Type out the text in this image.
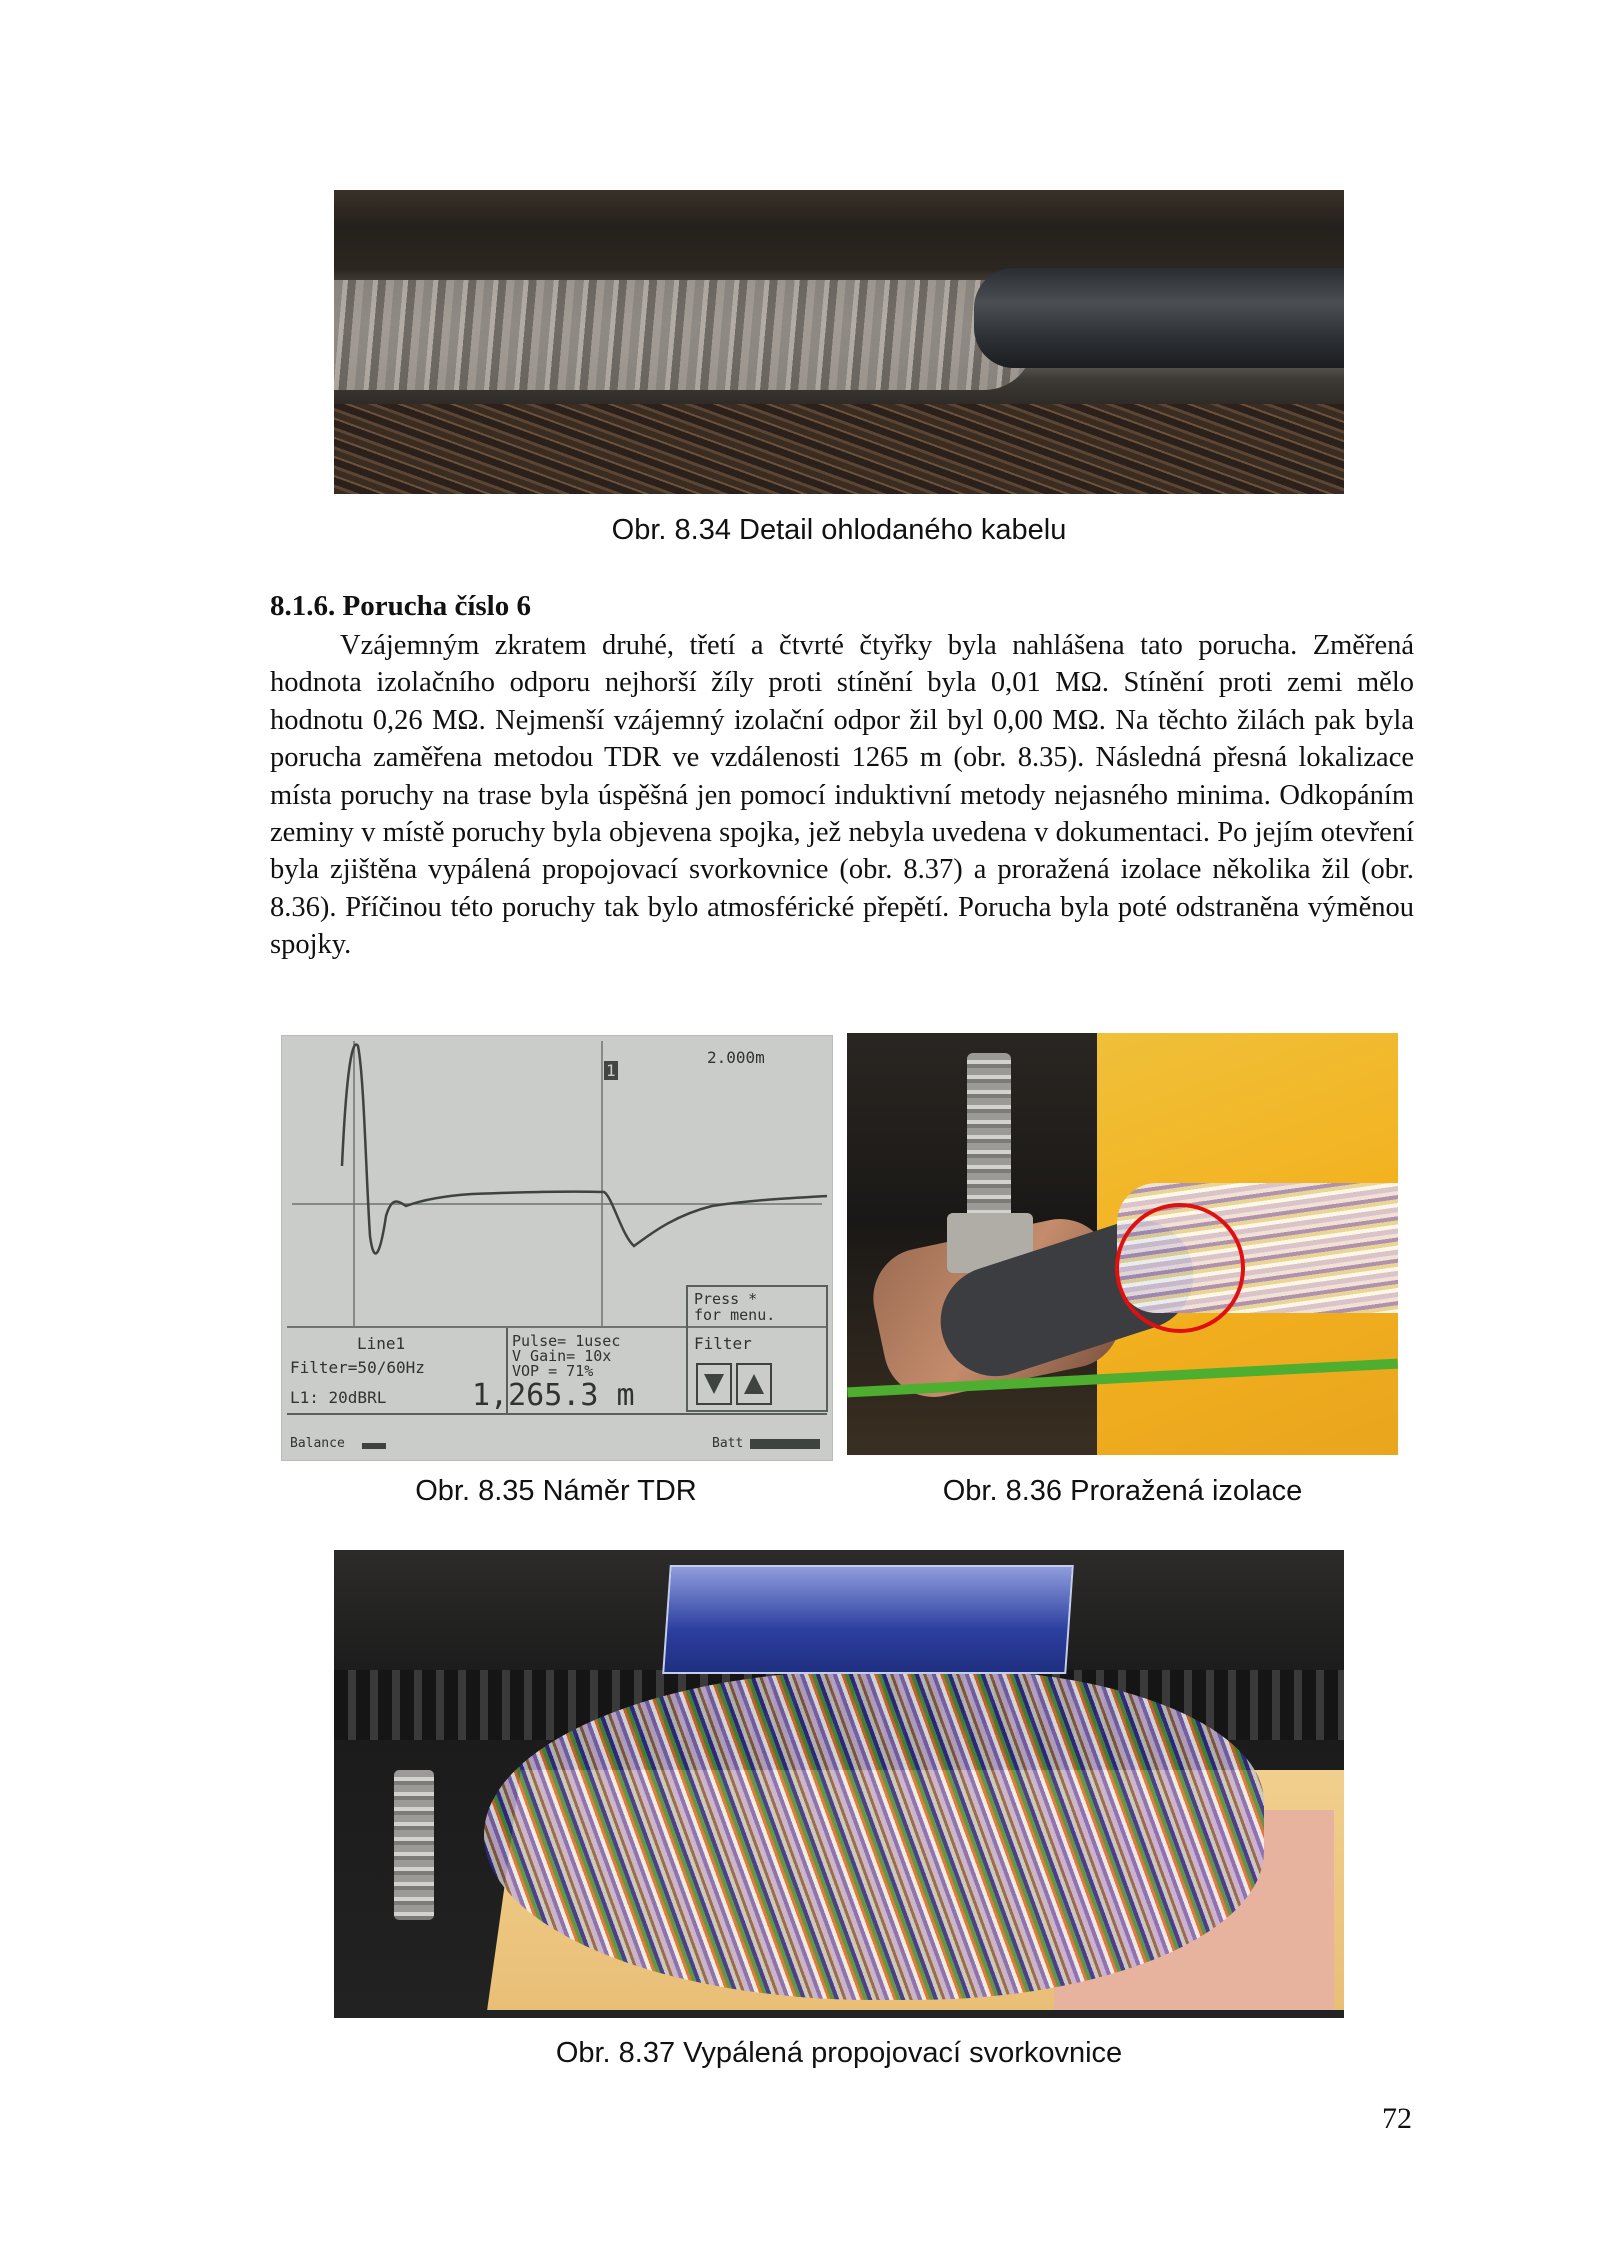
Obr. 8.34 Detail ohlodaného kabelu
8.1.6. Porucha číslo 6

Vzájemným zkratem druhé, třetí a čtvrté čtyřky byla nahlášena tato porucha. Změřená hodnota izolačního odporu nejhorší žíly proti stínění byla 0,01 MΩ. Stínění proti zemi mělo hodnotu 0,26 MΩ. Nejmenší vzájemný izolační odpor žil byl 0,00 MΩ. Na těchto žilách pak byla porucha zaměřena metodou TDR ve vzdálenosti 1265 m (obr. 8.35). Následná přesná lokalizace místa poruchy na trase byla úspěšná jen pomocí induktivní metody nejasného minima. Odkopáním zeminy v místě poruchy byla objevena spojka, jež nebyla uvedena v dokumentaci. Po jejím otevření byla zjištěna vypálená propojovací svorkovnice (obr. 8.37) a proražená izolace několika žil (obr. 8.36). Příčinou této poruchy tak bylo atmosférické přepětí. Porucha byla poté odstraněna výměnou spojky.

2.000m
1
Press *
for menu.
Line1
Filter=50/60Hz
Pulse= 1usec
V Gain= 10x
VOP = 71%
Filter
L1: 20dBRL	1,265.3 m
Balance	Batt
Obr. 8.35 Náměr TDR	Obr. 8.36 Proražená izolace
Obr. 8.37 Vypálená propojovací svorkovnice
72
